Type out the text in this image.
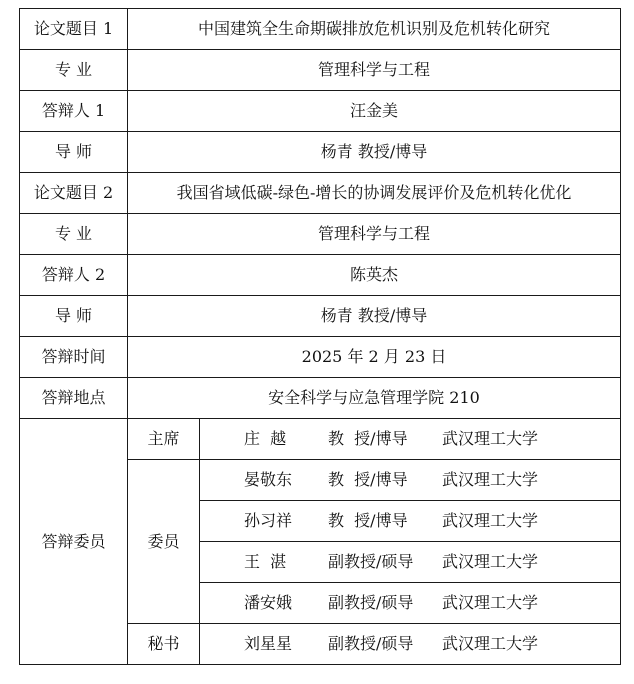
论文题目 1	中国建筑全生命期碳排放危机识别及危机转化研究	
专 业	管理科学与工程	
答辩人 1	汪金美	
导 师	杨青 教授/博导	
论文题目 2	我国省域低碳-绿色-增长的协调发展评价及危机转化优化	
专 业	管理科学与工程	
答辩人 2	陈英杰	
导 师	杨青 教授/博导	
答辩时间	2025 年 2 月 23 日	
答辩地点	安全科学与应急管理学院 210	
答辩委员	主席	庄  越 教  授/博导 武汉理工大学

	委员	晏敬东 教  授/博导 武汉理工大学

		孙习祥 教  授/博导 武汉理工大学

		王  湛 副教授/硕导 武汉理工大学

		潘安娥 副教授/硕导 武汉理工大学

	秘书	刘星星 副教授/硕导 武汉理工大学
